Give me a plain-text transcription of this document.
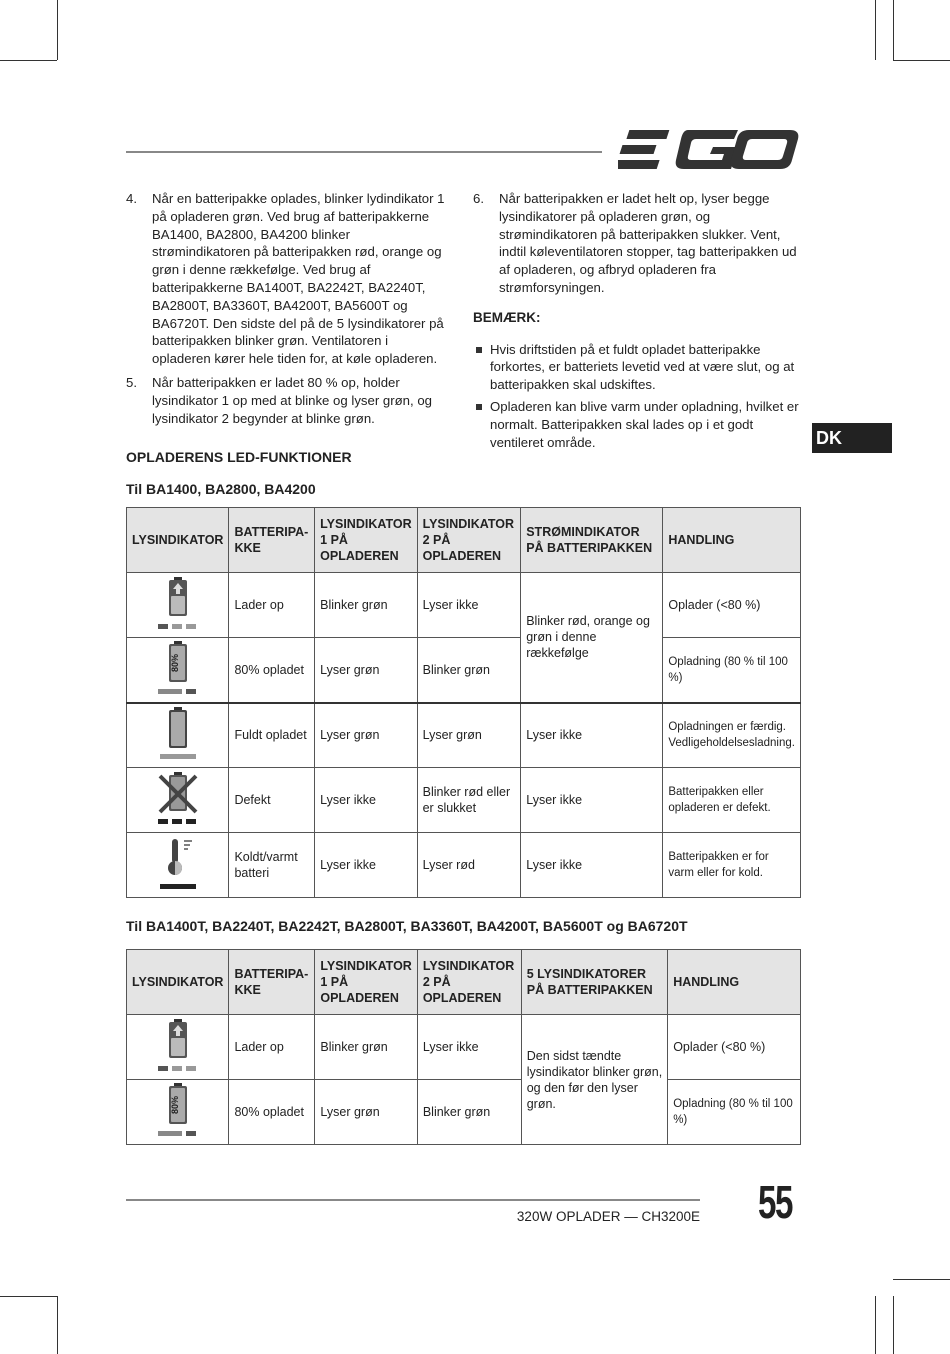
4.	Når en batteripakke oplades, blinker lydindikator 1 på opladeren grøn. Ved brug af batteripakkerne BA1400, BA2800, BA4200 blinker strømindikatoren på batteripakken rød, orange og grøn i denne rækkefølge. Ved brug af batteripakkerne BA1400T, BA2242T, BA2240T, BA2800T, BA3360T, BA4200T, BA5600T og BA6720T. Den sidste del på de 5 lysindikatorer på batteripakken blinker grøn. Ventilatoren i opladeren kører hele tiden for, at køle opladeren.
5.	Når batteripakken er ladet 80 % op, holder lysindikator 1 op med at blinke og lyser grøn, og lysindikator 2 begynder at blinke grøn.
6.	Når batteripakken er ladet helt op, lyser begge lysindikatorer på opladeren grøn, og strømindikatoren på batteripakken slukker. Vent, indtil køleventilatoren stopper, tag batteripakken ud af opladeren, og afbryd opladeren fra strømforsyningen.
BEMÆRK:
Hvis driftstiden på et fuldt opladet batteripakke forkortes, er batteriets levetid ved at være slut, og at batteripakken skal udskiftes.
Opladeren kan blive varm under opladning, hvilket er normalt. Batteripakken skal lades op i et godt ventileret område.	DK
OPLADERENS LED-FUNKTIONER
Til BA1400, BA2800, BA4200
LYSINDIKATOR	BATTERIPA-KKE	LYSINDIKATOR 1 PÅ OPLADEREN	LYSINDIKATOR 2 PÅ OPLADEREN	STRØMINDIKATOR PÅ BATTERIPAKKEN	HANDLING
	Lader op	Blinker grøn	Lyser ikke	Blinker rød, orange og grøn i denne rækkefølge	Oplader (<80 %)

80%	80% opladet	Lyser grøn	Blinker grøn		Opladning (80 % til 100 %)
	Fuldt opladet	Lyser grøn	Lyser grøn	Lyser ikke	Opladningen er færdig. Vedligeholdelsesladning.
	Defekt	Lyser ikke	Blinker rød eller er slukket	Lyser ikke	Batteripakken eller opladeren er defekt.
	Koldt/varmt batteri	Lyser ikke	Lyser rød	Lyser ikke	Batteripakken er for varm eller for kold.
Til BA1400T, BA2240T, BA2242T, BA2800T, BA3360T, BA4200T, BA5600T og BA6720T
LYSINDIKATOR	BATTERIPA-KKE	LYSINDIKATOR 1 PÅ OPLADEREN	LYSINDIKATOR 2 PÅ OPLADEREN	5 LYSINDIKATORER PÅ BATTERIPAKKEN	HANDLING
	Lader op	Blinker grøn	Lyser ikke	Den sidst tændte lysindikator blinker grøn, og den før den lyser grøn.	Oplader (<80 %)

80%	80% opladet	Lyser grøn	Blinker grøn		Opladning (80 % til 100 %)
320W OPLADER — CH3200E 55
